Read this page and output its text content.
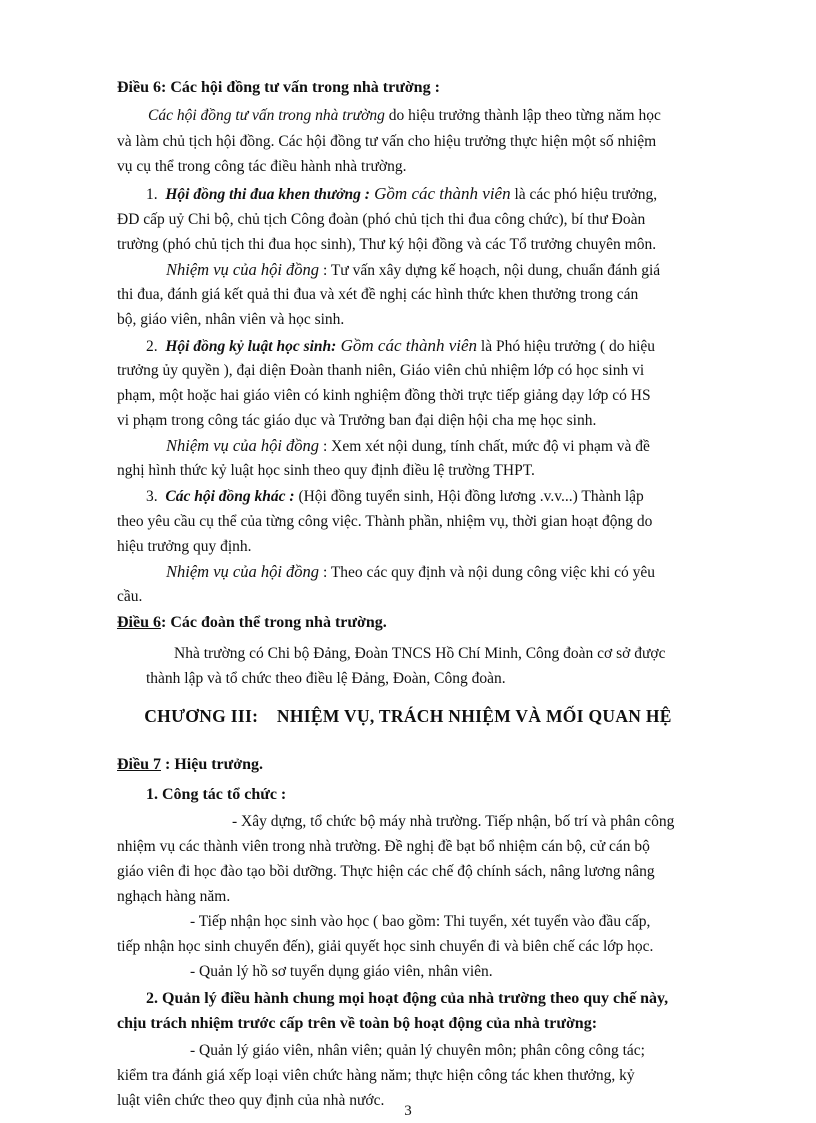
Điều 6: Các hội đồng tư vấn trong nhà trường :
Các hội đồng tư vấn trong nhà trường do hiệu trưởng thành lập theo từng năm học
và làm chủ tịch hội đồng. Các hội đồng tư vấn cho hiệu trưởng thực hiện một số nhiệm
vụ cụ thể trong công tác điều hành nhà trường.
1. Hội đồng thi đua khen thưởng : Gồm các thành viên là các phó hiệu trưởng,
ĐD cấp uỷ Chi bộ, chủ tịch Công đoàn (phó chủ tịch thi đua công chức), bí thư Đoàn
trường (phó chủ tịch thi đua học sinh), Thư ký hội đồng và các Tổ trưởng chuyên môn.
Nhiệm vụ của hội đồng : Tư vấn xây dựng kế hoạch, nội dung, chuẩn đánh giá
thi đua, đánh giá kết quả thi đua và xét đề nghị các hình thức khen thưởng trong cán
bộ, giáo viên, nhân viên và học sinh.
2. Hội đồng kỷ luật học sinh: Gồm các thành viên là Phó hiệu trưởng ( do hiệu
trưởng ủy quyền ), đại diện Đoàn thanh niên, Giáo viên chủ nhiệm lớp có học sinh vi
phạm, một hoặc hai giáo viên có kinh nghiệm đồng thời trực tiếp giảng dạy lớp có HS
vi phạm trong công tác giáo dục và Trưởng ban đại diện hội cha mẹ học sinh.
Nhiệm vụ của hội đồng : Xem xét nội dung, tính chất, mức độ vi phạm và đề
nghị hình thức kỷ luật học sinh theo quy định điều lệ trường THPT.
3. Các hội đồng khác : (Hội đồng tuyển sinh, Hội đồng lương .v.v...) Thành lập
theo yêu cầu cụ thể của từng công việc. Thành phần, nhiệm vụ, thời gian hoạt động do
hiệu trưởng quy định.
Nhiệm vụ của hội đồng : Theo các quy định và nội dung công việc khi có yêu
cầu.
Điều 6: Các đoàn thể trong nhà trường.
Nhà trường có Chi bộ Đảng, Đoàn TNCS Hồ Chí Minh, Công đoàn cơ sở được
thành lập và tổ chức theo điều lệ Đảng, Đoàn, Công đoàn.
CHƯƠNG III: NHIỆM VỤ, TRÁCH NHIỆM VÀ MỐI QUAN HỆ
Điều 7 : Hiệu trưởng.
1. Công tác tổ chức :
- Xây dựng, tổ chức bộ máy nhà trường. Tiếp nhận, bố trí và phân công
nhiệm vụ các thành viên trong nhà trường. Đề nghị đề bạt bổ nhiệm cán bộ, cử cán bộ
giáo viên đi học đào tạo bồi dưỡng. Thực hiện các chế độ chính sách, nâng lương nâng
nghạch hàng năm.
- Tiếp nhận học sinh vào học ( bao gồm: Thi tuyển, xét tuyển vào đầu cấp,
tiếp nhận học sinh chuyển đến), giải quyết học sinh chuyển đi và biên chế các lớp học.
- Quản lý hồ sơ tuyển dụng giáo viên, nhân viên.
2. Quản lý điều hành chung mọi hoạt động của nhà trường theo quy chế này,
chịu trách nhiệm trước cấp trên về toàn bộ hoạt động của nhà trường:
- Quản lý giáo viên, nhân viên; quản lý chuyên môn; phân công công tác;
kiểm tra đánh giá xếp loại viên chức hàng năm; thực hiện công tác khen thưởng, kỷ
luật viên chức theo quy định của nhà nước.
3
